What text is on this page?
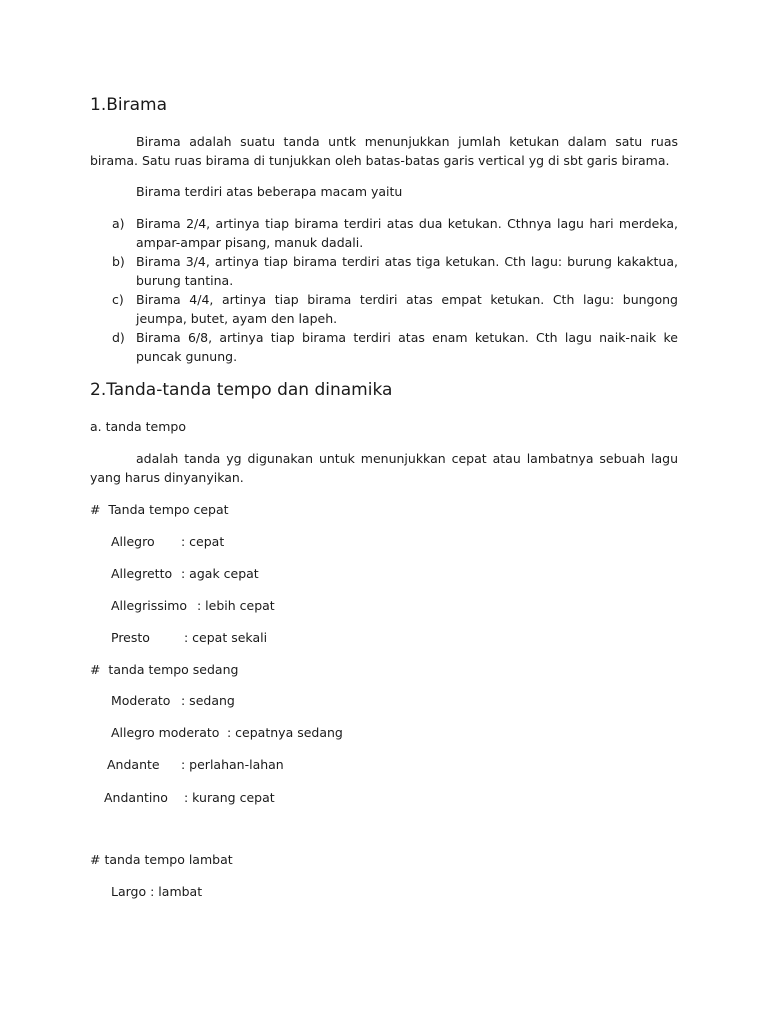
1.Birama

Birama adalah suatu tanda untk menunjukkan jumlah ketukan dalam satu ruas birama. Satu ruas birama di tunjukkan oleh batas-batas garis vertical yg di sbt garis birama.

Birama terdiri atas beberapa macam yaitu

a) Birama 2/4, artinya tiap birama terdiri atas dua ketukan. Cthnya lagu hari merdeka, ampar-ampar pisang, manuk dadali.
b) Birama 3/4, artinya tiap birama terdiri atas tiga ketukan. Cth lagu: burung kakaktua, burung tantina.
c) Birama 4/4, artinya tiap birama terdiri atas empat ketukan. Cth lagu: bungong jeumpa, butet, ayam den lapeh.
d) Birama 6/8, artinya tiap birama terdiri atas enam ketukan. Cth lagu naik-naik ke puncak gunung.
2.Tanda-tanda tempo dan dinamika

a. tanda tempo

adalah tanda yg digunakan untuk menunjukkan cepat atau lambatnya sebuah lagu yang harus dinyanyikan.

#  Tanda tempo cepat

Allegro : cepat
Allegretto : agak cepat
Allegrissimo : lebih cepat
Presto	: cepat sekali

#  tanda tempo sedang

Moderato : sedang
Allegro moderato : cepatnya sedang
Andante : perlahan-lahan
Andantino : kurang cepat

# tanda tempo lambat

Largo : lambat
